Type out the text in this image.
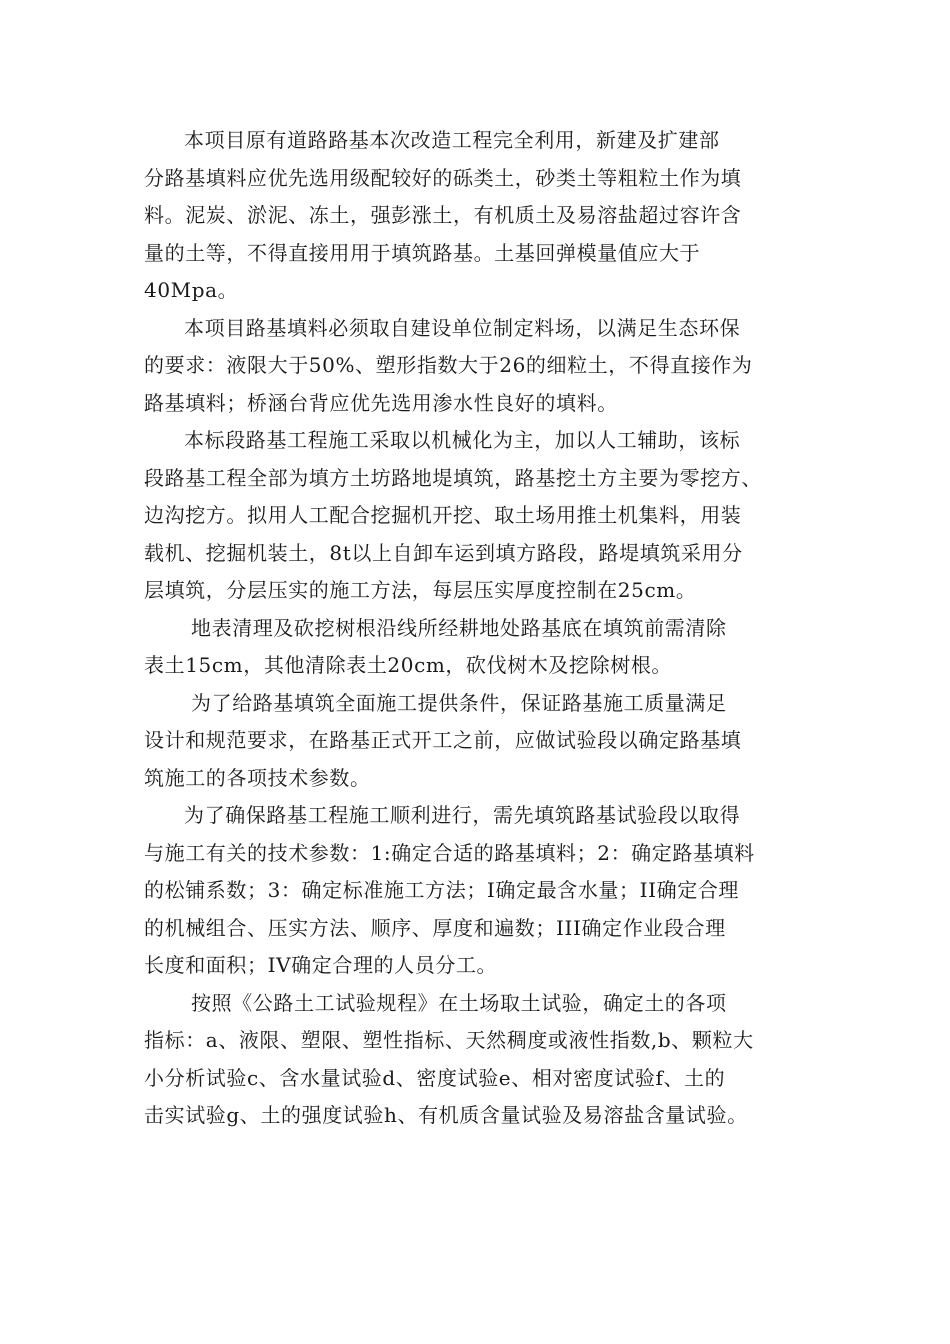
本项目原有道路路基本次改造工程完全利用，新建及扩建部
分路基填料应优先选用级配较好的砾类土，砂类土等粗粒土作为填
料。泥炭、淤泥、冻土，强彭涨土，有机质土及易溶盐超过容许含
量的土等，不得直接用用于填筑路基。土基回弹模量值应大于
40Mpa。

本项目路基填料必须取自建设单位制定料场，以满足生态环保
的要求：液限大于50%、塑形指数大于26的细粒土，不得直接作为
路基填料；桥涵台背应优先选用渗水性良好的填料。

本标段路基工程施工采取以机械化为主，加以人工辅助，该标
段路基工程全部为填方土坊路地堤填筑，路基挖土方主要为零挖方、
边沟挖方。拟用人工配合挖掘机开挖、取土场用推土机集料，用装
载机、挖掘机装土，8t以上自卸车运到填方路段，路堤填筑采用分
层填筑，分层压实的施工方法，每层压实厚度控制在25cm。

地表清理及砍挖树根沿线所经耕地处路基底在填筑前需清除
表土15cm，其他清除表土20cm，砍伐树木及挖除树根。

为了给路基填筑全面施工提供条件，保证路基施工质量满足
设计和规范要求，在路基正式开工之前，应做试验段以确定路基填
筑施工的各项技术参数。

为了确保路基工程施工顺利进行，需先填筑路基试验段以取得
与施工有关的技术参数：1:确定合适的路基填料；2：确定路基填料
的松铺系数；3：确定标准施工方法；I确定最含水量；II确定合理
的机械组合、压实方法、顺序、厚度和遍数；III确定作业段合理
长度和面积；IV确定合理的人员分工。

按照《公路土工试验规程》在土场取土试验，确定土的各项
指标：a、液限、塑限、塑性指标、天然稠度或液性指数,b、颗粒大
小分析试验c、含水量试验d、密度试验e、相对密度试验f、土的
击实试验g、土的强度试验h、有机质含量试验及易溶盐含量试验。
